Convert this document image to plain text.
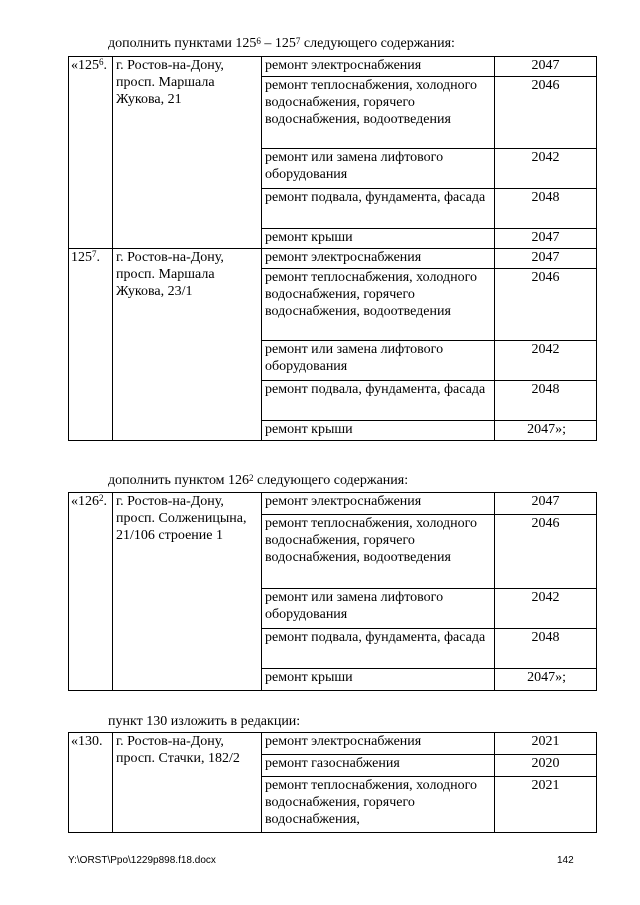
дополнить пунктами $125^6 - 125^7$ следующего содержания:
«$125^6$.	г. Ростов-на-Дону, просп. Маршала Жукова, 21	ремонт электроснабжения	2047
		ремонт теплоснабжения, холодного водоснабжения, горячего водоснабжения, водоотведения	2046
		ремонт или замена лифтового оборудования	2042
		ремонт подвала, фундамента, фасада	2048
		ремонт крыши	2047
$125^7$.	г. Ростов-на-Дону, просп. Маршала Жукова, 23/1	ремонт электроснабжения	2047
		ремонт теплоснабжения, холодного водоснабжения, горячего водоснабжения, водоотведения	2046
		ремонт или замена лифтового оборудования	2042
		ремонт подвала, фундамента, фасада	2048
		ремонт крыши	2047»;
дополнить пунктом $126^2$ следующего содержания:
«$126^2$.	г. Ростов-на-Дону, просп. Солженицына, 21/106 строение 1	ремонт электроснабжения	2047
		ремонт теплоснабжения, холодного водоснабжения, горячего водоснабжения, водоотведения	2046
		ремонт или замена лифтового оборудования	2042
		ремонт подвала, фундамента, фасада	2048
		ремонт крыши	2047»;
пункт 130 изложить в редакции:
«130.	г. Ростов-на-Дону, просп. Стачки, 182/2	ремонт электроснабжения	2021
		ремонт газоснабжения	2020
		ремонт теплоснабжения, холодного водоснабжения, горячего водоснабжения,	2021
Y:\ORST\Ppo\1229p898.f18.docx	142
